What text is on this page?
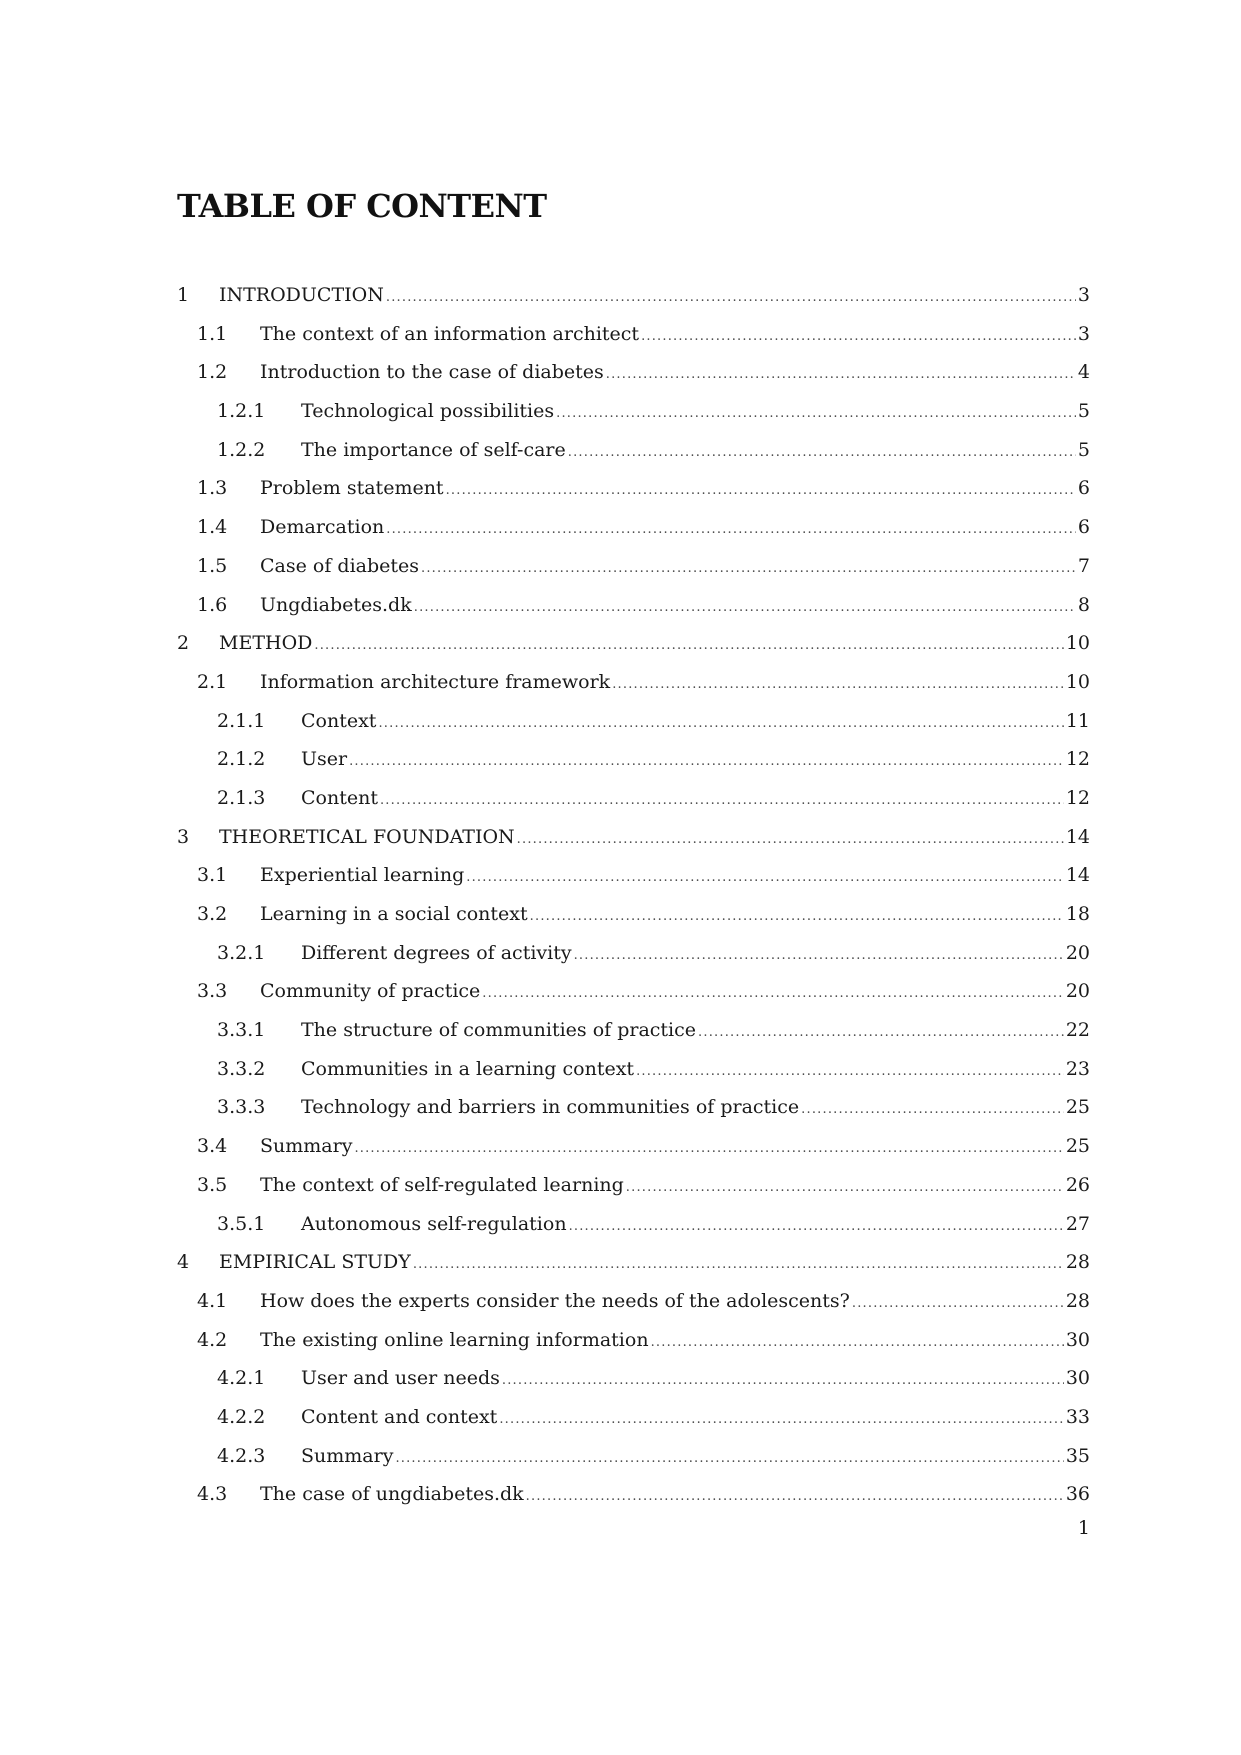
TABLE OF CONTENT
1	INTRODUCTION .....	3
1.1	The context of an information architect .....	3
1.2	Introduction to the case of diabetes .....	4
1.2.1	Technological possibilities .....	5
1.2.2	The importance of self-care .....	5
1.3	Problem statement .....	6
1.4	Demarcation .....	6
1.5	Case of diabetes .....	7
1.6	Ungdiabetes.dk .....	8
2	METHOD .....	10
2.1	Information architecture framework .....	10
2.1.1	Context .....	11
2.1.2	User .....	12
2.1.3	Content .....	12
3	THEORETICAL FOUNDATION .....	14
3.1	Experiential learning .....	14
3.2	Learning in a social context .....	18
3.2.1	Different degrees of activity .....	20
3.3	Community of practice .....	20
3.3.1	The structure of communities of practice .....	22
3.3.2	Communities in a learning context .....	23
3.3.3	Technology and barriers in communities of practice .....	25
3.4	Summary .....	25
3.5	The context of self-regulated learning .....	26
3.5.1	Autonomous self-regulation .....	27
4	EMPIRICAL STUDY .....	28
4.1	How does the experts consider the needs of the adolescents? .....	28
4.2	The existing online learning information .....	30
4.2.1	User and user needs .....	30
4.2.2	Content and context .....	33
4.2.3	Summary .....	35
4.3	The case of ungdiabetes.dk .....	36
1
